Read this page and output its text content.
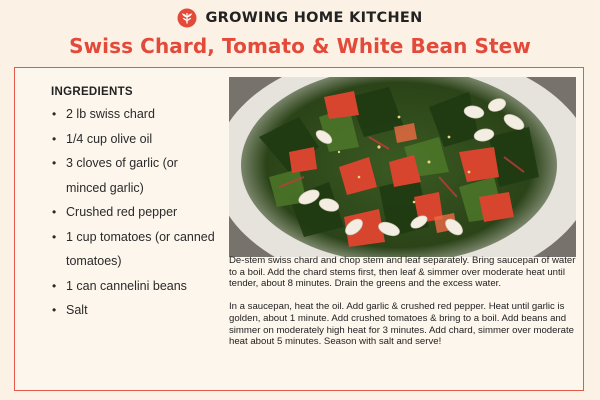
GROWING HOME KITCHEN
Swiss Chard, Tomato & White Bean Stew
INGREDIENTS
• 2 lb swiss chard
• 1/4 cup olive oil
• 3 cloves of garlic (or
minced garlic)
• Crushed red pepper
• 1 cup tomatoes (or canned
tomatoes)
• 1 can cannelini beans
• Salt

De-stem swiss chard and chop stem and leaf separately. Bring saucepan of water to a boil. Add the chard stems first, then leaf & simmer over moderate heat until tender, about 8 minutes. Drain the greens and the excess water.

In a saucepan, heat the oil. Add garlic & crushed red pepper. Heat until garlic is golden, about 1 minute. Add crushed tomatoes & bring to a boil. Add beans and simmer on moderately high heat for 3 minutes. Add chard, simmer over moderate heat about 5 minutes. Season with salt and serve!
